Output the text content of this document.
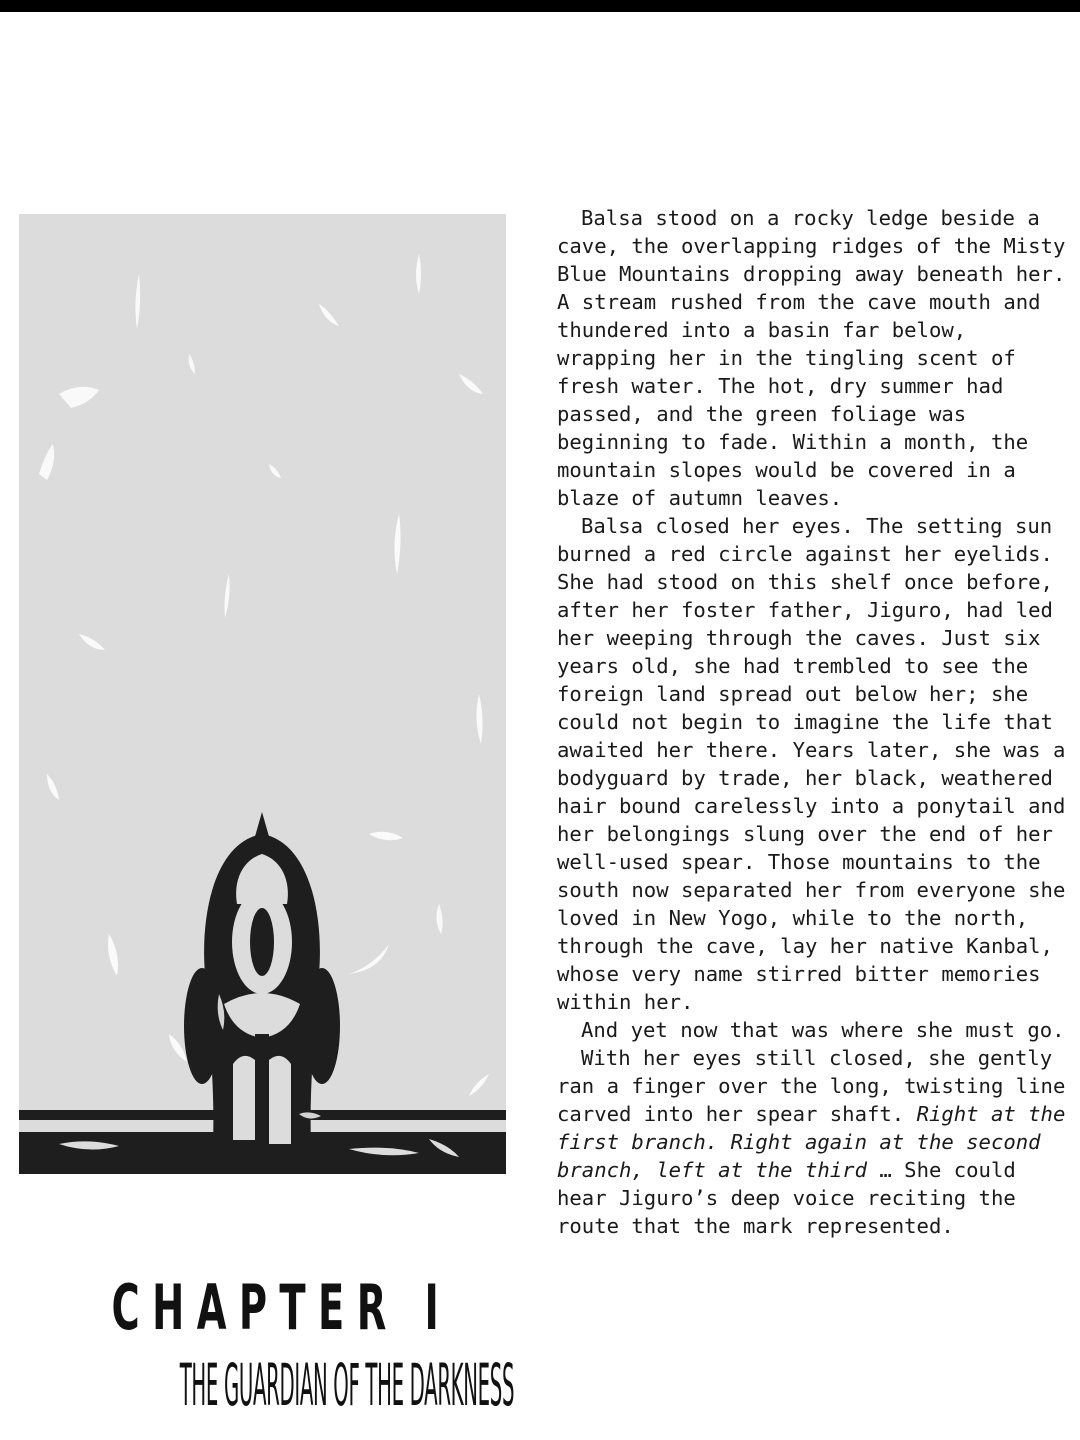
CHAPTER I
THE GUARDIAN OF THE DARKNESS

Balsa stood on a rocky ledge beside a cave, the overlapping ridges of the Misty Blue Mountains dropping away beneath her. A stream rushed from the cave mouth and thundered into a basin far below, wrapping her in the tingling scent of fresh water. The hot, dry summer had passed, and the green foliage was beginning to fade. Within a month, the mountain slopes would be covered in a blaze of autumn leaves.

Balsa closed her eyes. The setting sun burned a red circle against her eyelids. She had stood on this shelf once before, after her foster father, Jiguro, had led her weeping through the caves. Just six years old, she had trembled to see the foreign land spread out below her; she could not begin to imagine the life that awaited her there. Years later, she was a bodyguard by trade, her black, weathered hair bound carelessly into a ponytail and her belongings slung over the end of her well-used spear. Those mountains to the south now separated her from everyone she loved in New Yogo, while to the north, through the cave, lay her native Kanbal, whose very name stirred bitter memories within her.

And yet now that was where she must go.

With her eyes still closed, she gently ran a finger over the long, twisting line carved into her spear shaft. Right at the first branch. Right again at the second branch, left at the third … She could hear Jiguro’s deep voice reciting the route that the mark represented.
